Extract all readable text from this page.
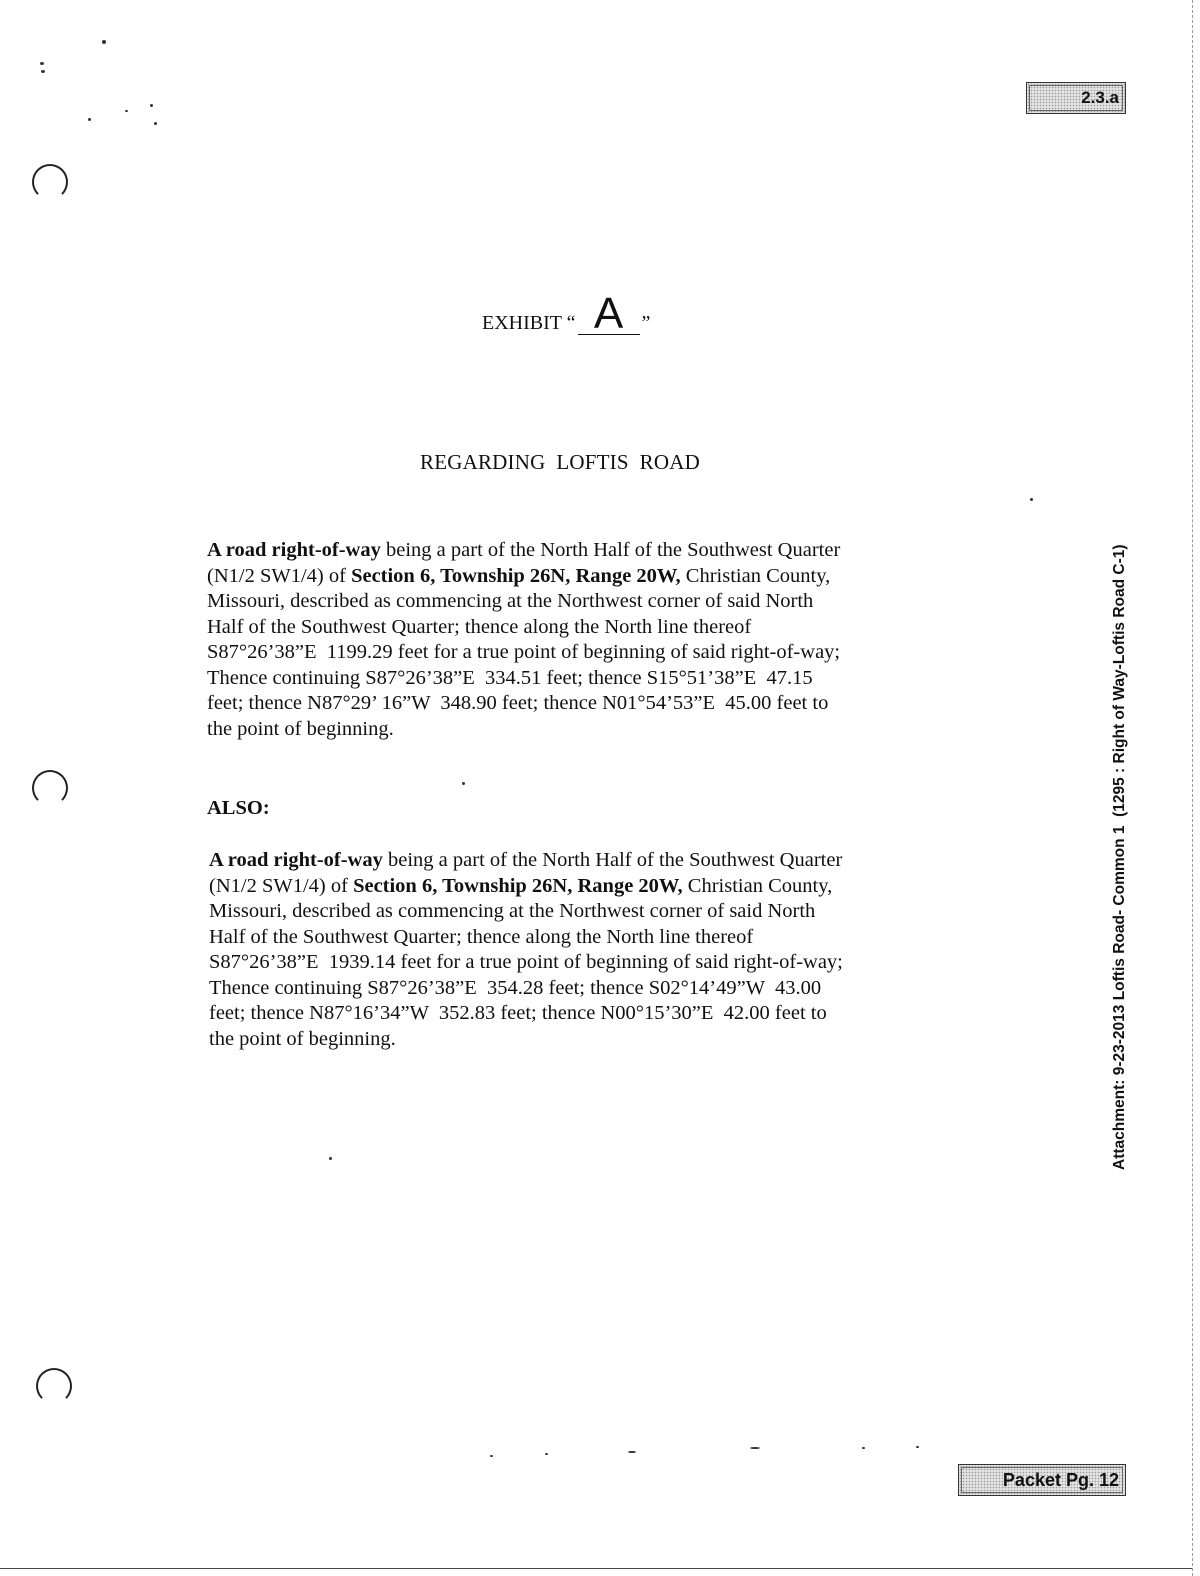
2.3.a
EXHIBIT “ A ”
REGARDING  LOFTIS  ROAD
A road right-of-way being a part of the North Half of the Southwest Quarter
(N1/2 SW1/4) of Section 6, Township 26N, Range 20W, Christian County,
Missouri, described as commencing at the Northwest corner of said North
Half of the Southwest Quarter; thence along the North line thereof
S87°26’38”E  1199.29 feet for a true point of beginning of said right-of-way;
Thence continuing S87°26’38”E  334.51 feet; thence S15°51’38”E  47.15
feet; thence N87°29’ 16”W  348.90 feet; thence N01°54’53”E  45.00 feet to
the point of beginning.
ALSO:
A road right-of-way being a part of the North Half of the Southwest Quarter
(N1/2 SW1/4) of Section 6, Township 26N, Range 20W, Christian County,
Missouri, described as commencing at the Northwest corner of said North
Half of the Southwest Quarter; thence along the North line thereof
S87°26’38”E  1939.14 feet for a true point of beginning of said right-of-way;
Thence continuing S87°26’38”E  354.28 feet; thence S02°14’49”W  43.00
feet; thence N87°16’34”W  352.83 feet; thence N00°15’30”E  42.00 feet to
the point of beginning.	Attachment: 9-23-2013 Loftis Road- Common 1  (1295 : Right of Way-Loftis Road C-1)
Packet Pg. 12
